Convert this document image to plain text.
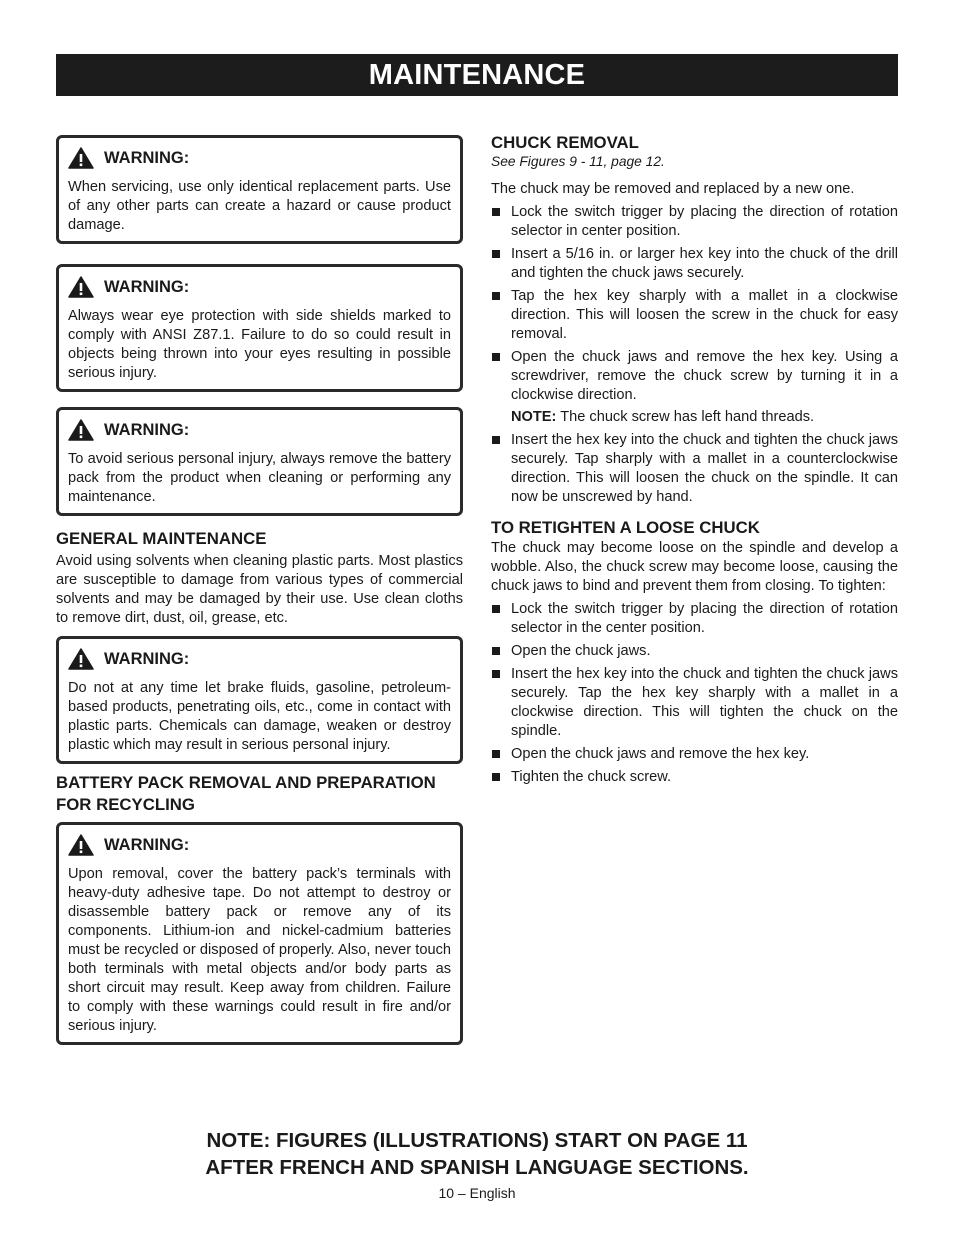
MAINTENANCE
WARNING:
When servicing, use only identical replacement parts. Use of any other parts can create a hazard or cause product damage.
WARNING:
Always wear eye protection with side shields marked to comply with ANSI Z87.1. Failure to do so could result in objects being thrown into your eyes resulting in possible serious injury.
WARNING:
To avoid serious personal injury, always remove the battery pack from the product when cleaning or performing any maintenance.
GENERAL MAINTENANCE

Avoid using solvents when cleaning plastic parts. Most plastics are susceptible to damage from various types of commercial solvents and may be damaged by their use. Use clean cloths to remove dirt, dust, oil, grease, etc.

WARNING:
Do not at any time let brake fluids, gasoline, petroleum-based products, penetrating oils, etc., come in contact with plastic parts. Chemicals can damage, weaken or destroy plastic which may result in serious personal injury.
BATTERY PACK REMOVAL AND PREPARATION FOR RECYCLING
WARNING:
Upon removal, cover the battery pack’s terminals with heavy-duty adhesive tape. Do not attempt to destroy or disassemble battery pack or remove any of its components. Lithium-ion and nickel-cadmium batteries must be recycled or disposed of properly. Also, never touch both terminals with metal objects and/or body parts as short circuit may result. Keep away from children. Failure to comply with these warnings could result in fire and/or serious injury.
CHUCK REMOVAL

See Figures 9 - 11, page 12.

The chuck may be removed and replaced by a new one.

Lock the switch trigger by placing the direction of rotation selector in center position.
Insert a 5/16 in. or larger hex key into the chuck of the drill and tighten the chuck jaws securely.
Tap the hex key sharply with a mallet in a clockwise direction. This will loosen the screw in the chuck for easy removal.
Open the chuck jaws and remove the hex key. Using a screwdriver, remove the chuck screw by turning it in a clockwise direction.
NOTE: The chuck screw has left hand threads.
Insert the hex key into the chuck and tighten the chuck jaws securely. Tap sharply with a mallet in a counterclockwise direction. This will loosen the chuck on the spindle. It can now be unscrewed by hand.
TO RETIGHTEN A LOOSE CHUCK

The chuck may become loose on the spindle and develop a wobble. Also, the chuck screw may become loose, causing the chuck jaws to bind and prevent them from closing. To tighten:

Lock the switch trigger by placing the direction of rotation selector in the center position.
Open the chuck jaws.
Insert the hex key into the chuck and tighten the chuck jaws securely. Tap the hex key sharply with a mallet in a clockwise direction. This will tighten the chuck on the spindle.
Open the chuck jaws and remove the hex key.
Tighten the chuck screw.
NOTE: FIGURES (ILLUSTRATIONS) START ON PAGE 11
AFTER FRENCH AND SPANISH LANGUAGE SECTIONS.
10 – English
